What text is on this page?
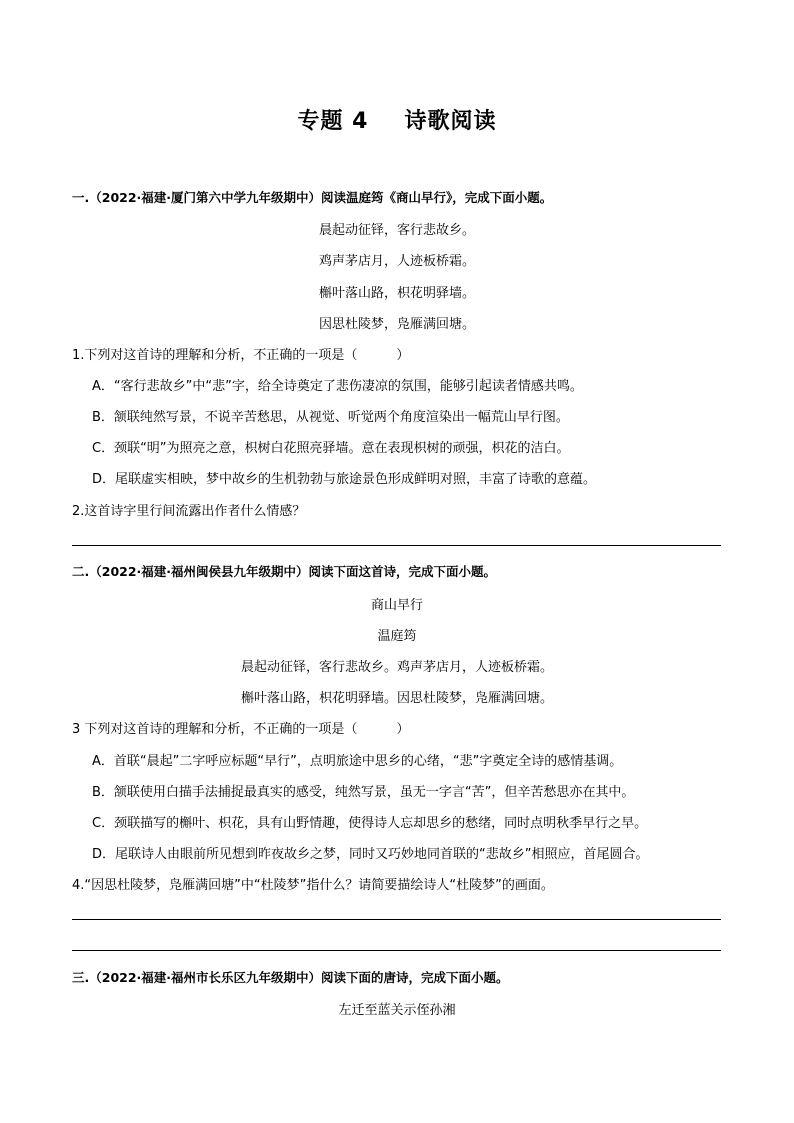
专题 4 诗歌阅读

一.（2022·福建·厦门第六中学九年级期中）阅读温庭筠《商山早行》，完成下面小题。

晨起动征铎，客行悲故乡。

鸡声茅店月，人迹板桥霜。

槲叶落山路，枳花明驿墙。

因思杜陵梦，凫雁满回塘。

1.下列对这首诗的理解和分析，不正确的一项是（　　　）

A．“客行悲故乡”中“悲”字，给全诗奠定了悲伤凄凉的氛围，能够引起读者情感共鸣。

B．颔联纯然写景，不说辛苦愁思，从视觉、听觉两个角度渲染出一幅荒山早行图。

C．颈联“明”为照亮之意，枳树白花照亮驿墙。意在表现枳树的顽强，枳花的洁白。

D．尾联虚实相映，梦中故乡的生机勃勃与旅途景色形成鲜明对照，丰富了诗歌的意蕴。

2.这首诗字里行间流露出作者什么情感？

二.（2022·福建·福州闽侯县九年级期中）阅读下面这首诗，完成下面小题。

商山早行

温庭筠

晨起动征铎，客行悲故乡。鸡声茅店月，人迹板桥霜。

槲叶落山路，枳花明驿墙。因思杜陵梦，凫雁满回塘。

3 下列对这首诗的理解和分析，不正确的一项是（　　　）

A．首联“晨起”二字呼应标题“早行”，点明旅途中思乡的心绪，“悲”字奠定全诗的感情基调。

B．颔联使用白描手法捕捉最真实的感受，纯然写景，虽无一字言“苦”，但辛苦愁思亦在其中。

C．颈联描写的槲叶、枳花，具有山野情趣，使得诗人忘却思乡的愁绪，同时点明秋季早行之早。

D．尾联诗人由眼前所见想到昨夜故乡之梦，同时又巧妙地同首联的“悲故乡”相照应，首尾圆合。

4.“因思杜陵梦，凫雁满回塘”中“杜陵梦”指什么？请简要描绘诗人“杜陵梦”的画面。

三.（2022·福建·福州市长乐区九年级期中）阅读下面的唐诗，完成下面小题。

左迁至蓝关示侄孙湘
